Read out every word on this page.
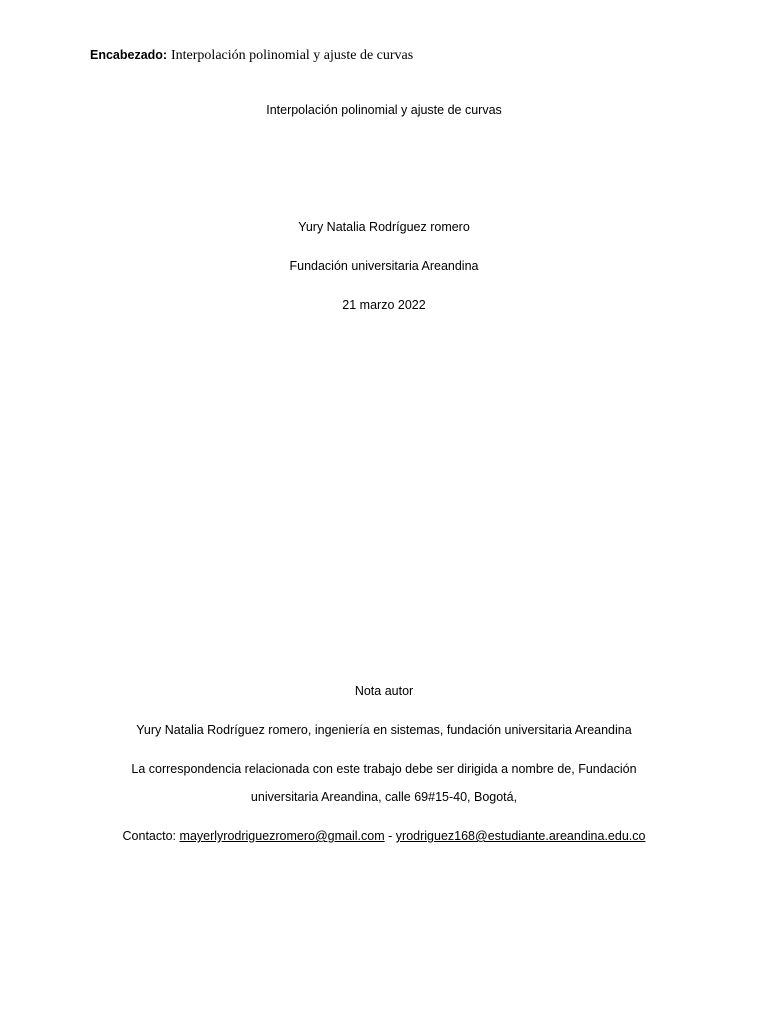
Encabezado: Interpolación polinomial y ajuste de curvas
Interpolación polinomial y ajuste de curvas
Yury Natalia Rodríguez romero
Fundación universitaria Areandina
21 marzo 2022
Nota autor
Yury Natalia Rodríguez romero, ingeniería en sistemas, fundación universitaria Areandina
La correspondencia relacionada con este trabajo debe ser dirigida a nombre de, Fundación
universitaria Areandina, calle 69#15-40, Bogotá,
Contacto: mayerlyrodriguezromero@gmail.com - yrodriguez168@estudiante.areandina.edu.co
